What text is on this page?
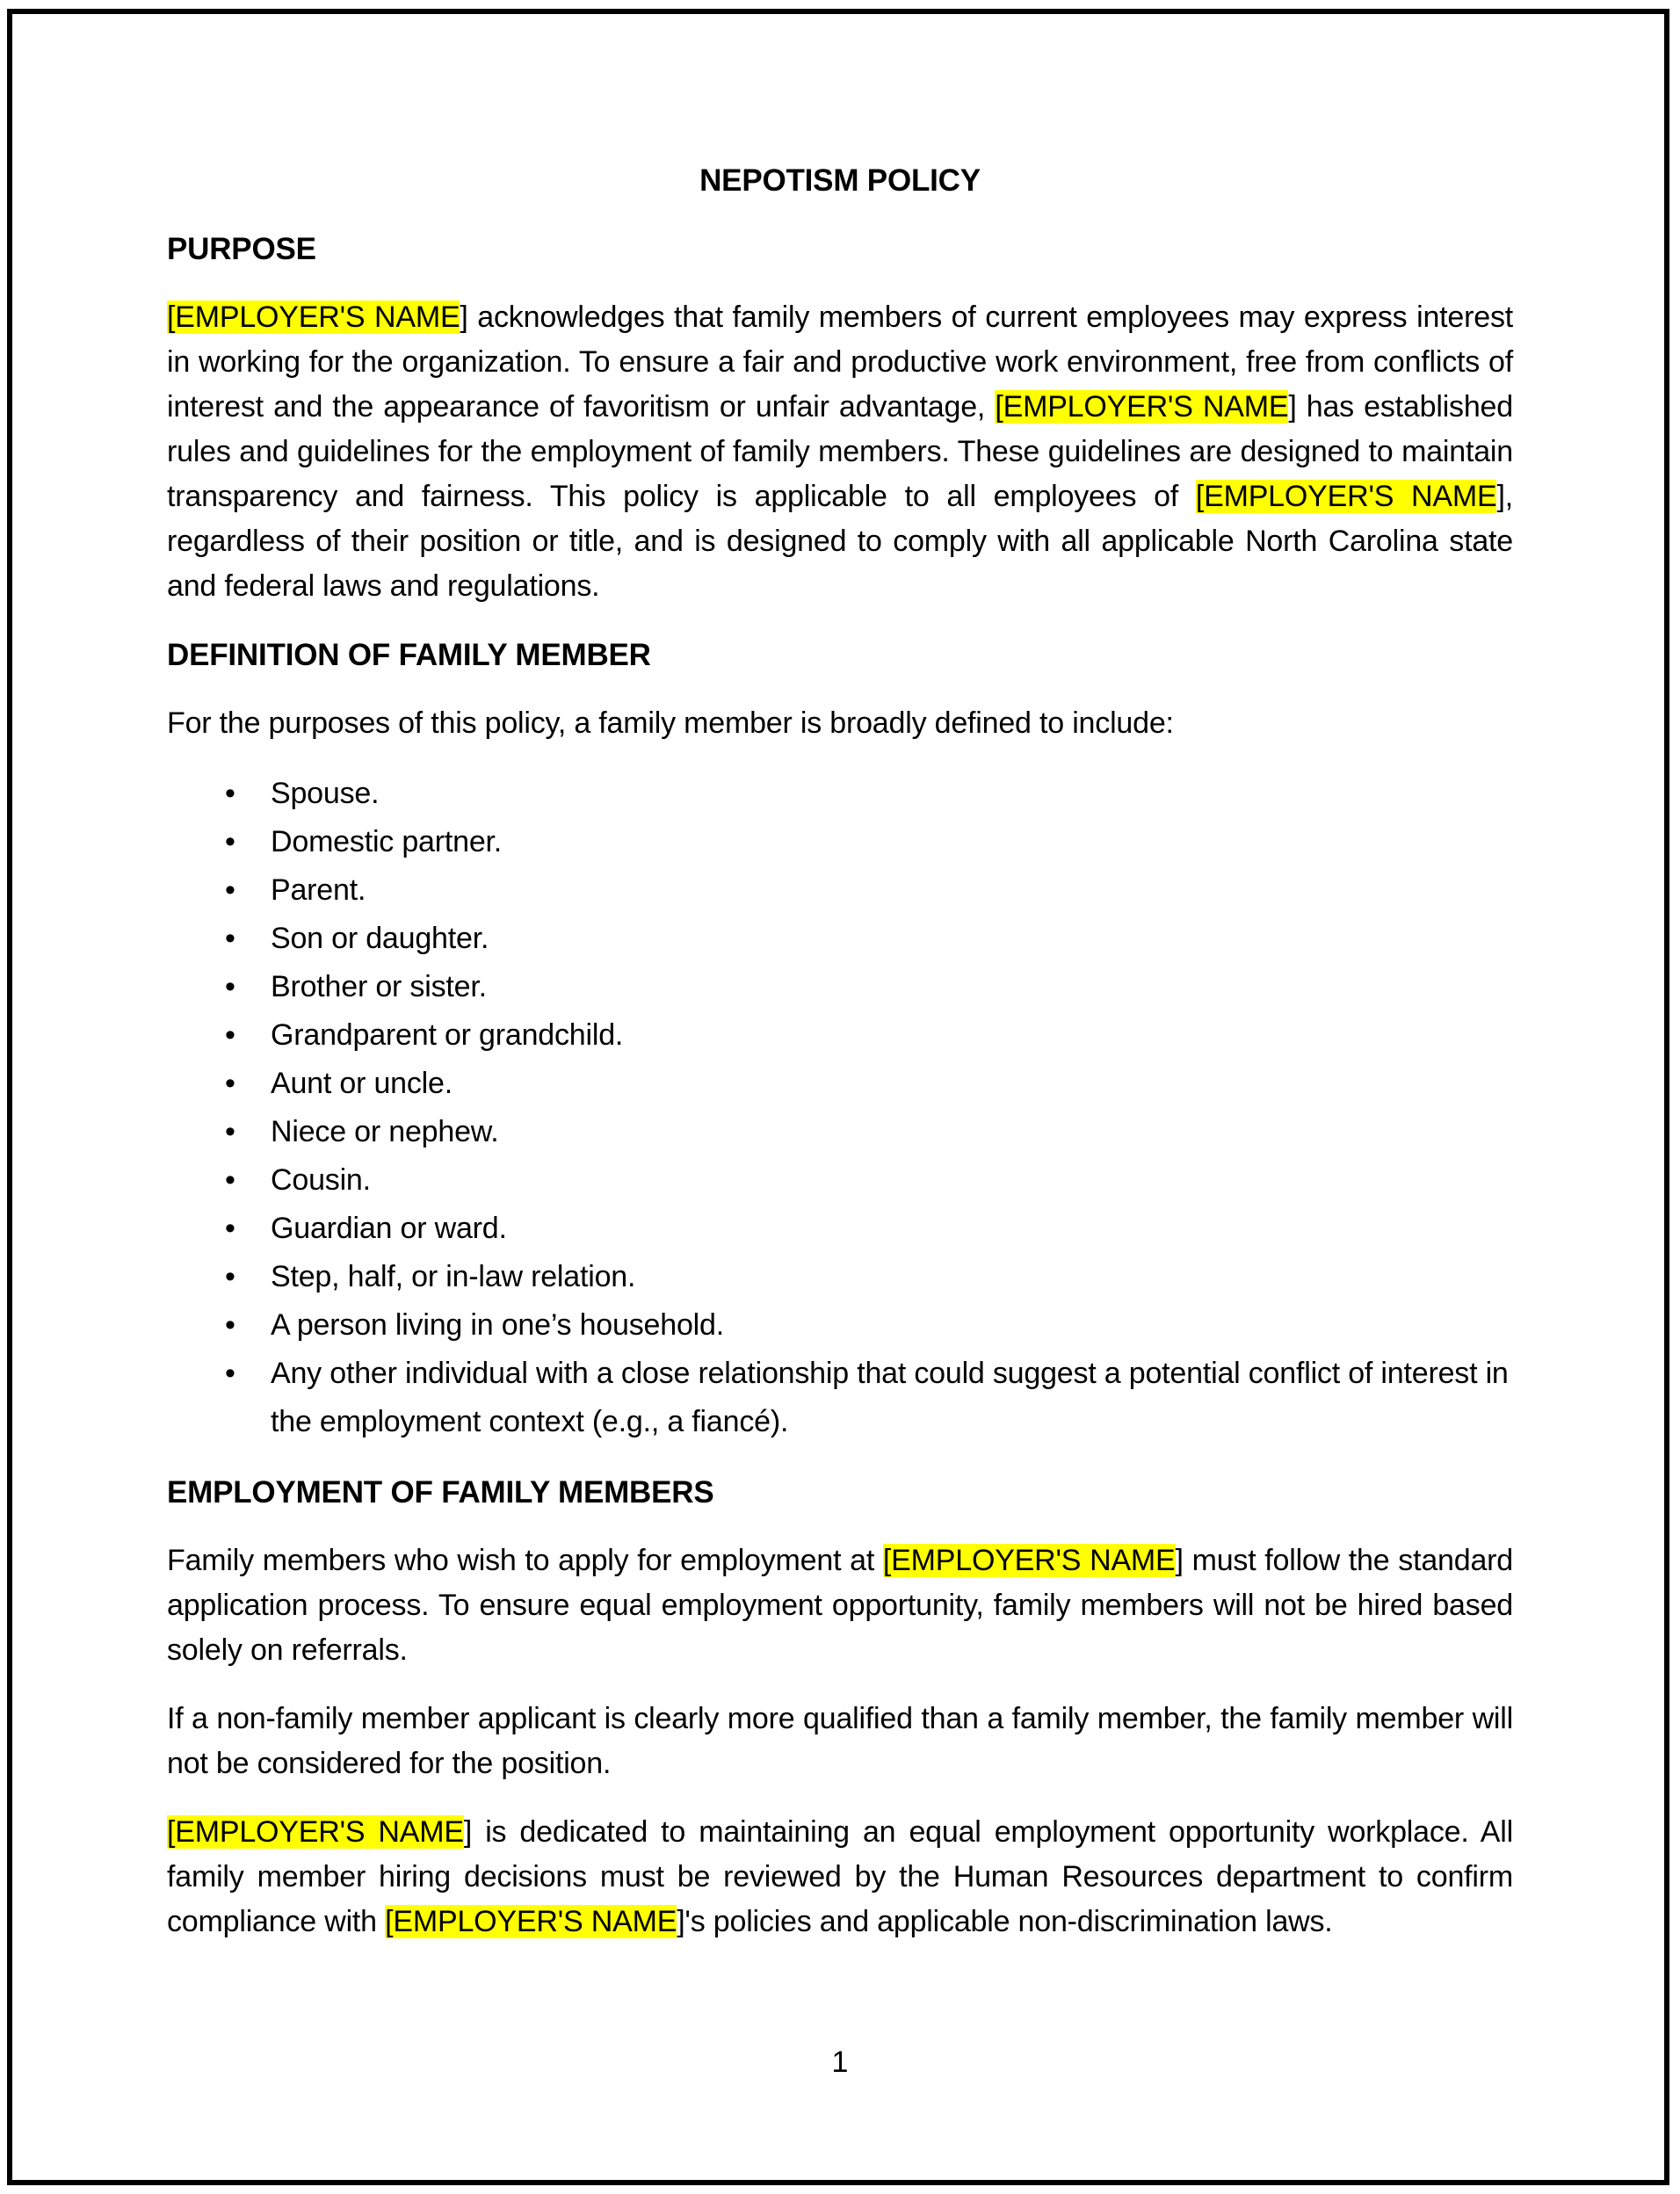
NEPOTISM POLICY
PURPOSE

[EMPLOYER'S NAME] acknowledges that family members of current employees may express interest in working for the organization. To ensure a fair and productive work environment, free from conflicts of interest and the appearance of favoritism or unfair advantage, [EMPLOYER'S NAME] has established rules and guidelines for the employment of family members. These guidelines are designed to maintain transparency and fairness. This policy is applicable to all employees of [EMPLOYER'S NAME], regardless of their position or title, and is designed to comply with all applicable North Carolina state and federal laws and regulations.

DEFINITION OF FAMILY MEMBER

For the purposes of this policy, a family member is broadly defined to include:

• Spouse.
• Domestic partner.
• Parent.
• Son or daughter.
• Brother or sister.
• Grandparent or grandchild.
• Aunt or uncle.
• Niece or nephew.
• Cousin.
• Guardian or ward.
• Step, half, or in-law relation.
• A person living in one’s household.
• Any other individual with a close relationship that could suggest a potential conflict of interest in the employment context (e.g., a fiancé).
EMPLOYMENT OF FAMILY MEMBERS

Family members who wish to apply for employment at [EMPLOYER'S NAME] must follow the standard application process. To ensure equal employment opportunity, family members will not be hired based solely on referrals.

If a non-family member applicant is clearly more qualified than a family member, the family member will not be considered for the position.

[EMPLOYER'S NAME] is dedicated to maintaining an equal employment opportunity workplace. All family member hiring decisions must be reviewed by the Human Resources department to confirm compliance with [EMPLOYER'S NAME]'s policies and applicable non-discrimination laws.

1
